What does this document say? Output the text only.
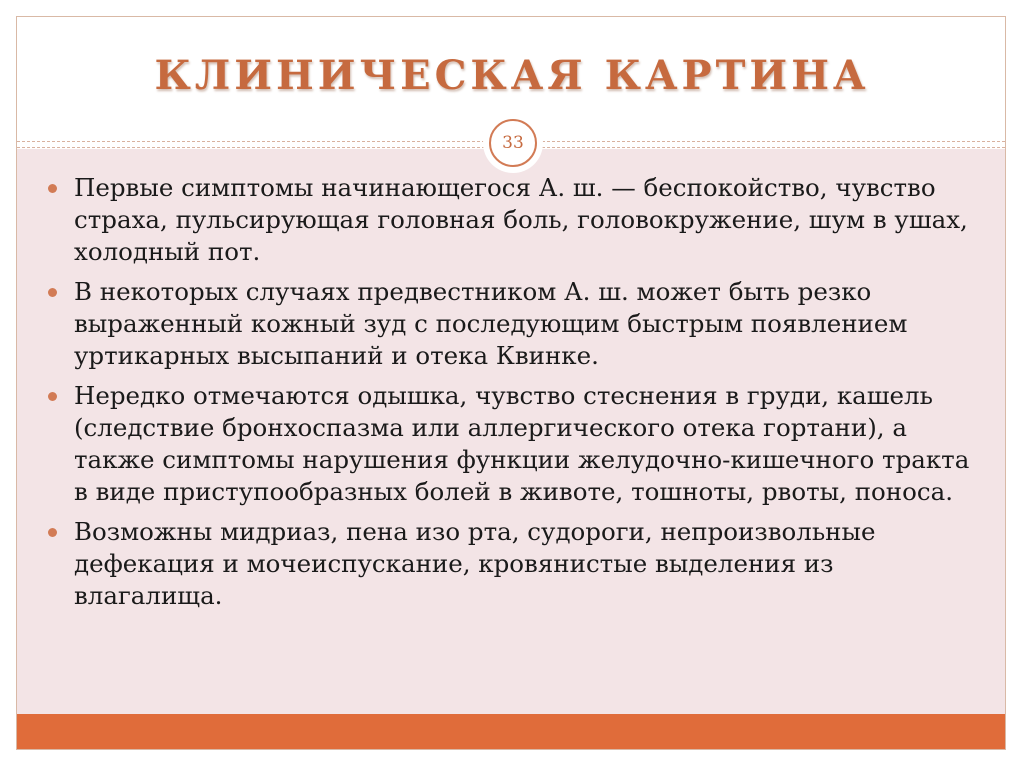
КЛИНИЧЕСКАЯ КАРТИНА
33
Первые симптомы начинающегося А. ш. — беспокойство, чувство страха, пульсирующая головная боль, головокружение, шум в ушах, холодный пот.
В некоторых случаях предвестником А. ш. может быть резко выраженный кожный зуд с последующим быстрым появлением уртикарных высыпаний и отека Квинке.
Нередко отмечаются одышка, чувство стеснения в груди, кашель (следствие бронхоспазма или аллергического отека гортани), а также симптомы нарушения функции желудочно-кишечного тракта в виде приступообразных болей в животе, тошноты, рвоты, поноса.
Возможны мидриаз, пена изо рта, судороги, непроизвольные дефекация и мочеиспускание, кровянистые выделения из влагалища.
